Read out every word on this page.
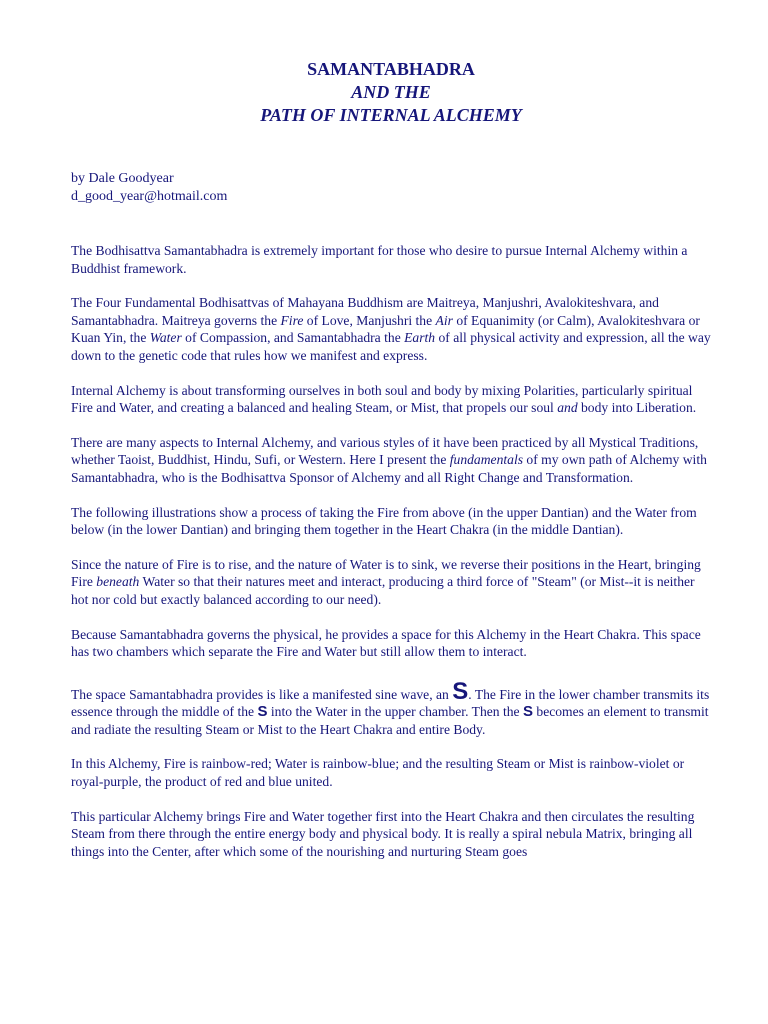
SAMANTABHADRA
AND THE
PATH OF INTERNAL ALCHEMY
by Dale Goodyear
d_good_year@hotmail.com

The Bodhisattva Samantabhadra is extremely important for those who desire to pursue Internal Alchemy within a Buddhist framework.

The Four Fundamental Bodhisattvas of Mahayana Buddhism are Maitreya, Manjushri, Avalokiteshvara, and Samantabhadra. Maitreya governs the Fire of Love, Manjushri the Air of Equanimity (or Calm), Avalokiteshvara or Kuan Yin, the Water of Compassion, and Samantabhadra the Earth of all physical activity and expression, all the way down to the genetic code that rules how we manifest and express.

Internal Alchemy is about transforming ourselves in both soul and body by mixing Polarities, particularly spiritual Fire and Water, and creating a balanced and healing Steam, or Mist, that propels our soul and body into Liberation.

There are many aspects to Internal Alchemy, and various styles of it have been practiced by all Mystical Traditions, whether Taoist, Buddhist, Hindu, Sufi, or Western. Here I present the fundamentals of my own path of Alchemy with Samantabhadra, who is the Bodhisattva Sponsor of Alchemy and all Right Change and Transformation.

The following illustrations show a process of taking the Fire from above (in the upper Dantian) and the Water from below (in the lower Dantian) and bringing them together in the Heart Chakra (in the middle Dantian).

Since the nature of Fire is to rise, and the nature of Water is to sink, we reverse their positions in the Heart, bringing Fire beneath Water so that their natures meet and interact, producing a third force of "Steam" (or Mist--it is neither hot nor cold but exactly balanced according to our need).

Because Samantabhadra governs the physical, he provides a space for this Alchemy in the Heart Chakra. This space has two chambers which separate the Fire and Water but still allow them to interact.

The space Samantabhadra provides is like a manifested sine wave, an S. The Fire in the lower chamber transmits its essence through the middle of the S into the Water in the upper chamber. Then the S becomes an element to transmit and radiate the resulting Steam or Mist to the Heart Chakra and entire Body.

In this Alchemy, Fire is rainbow-red; Water is rainbow-blue; and the resulting Steam or Mist is rainbow-violet or royal-purple, the product of red and blue united.

This particular Alchemy brings Fire and Water together first into the Heart Chakra and then circulates the resulting Steam from there through the entire energy body and physical body. It is really a spiral nebula Matrix, bringing all things into the Center, after which some of the nourishing and nurturing Steam goes
